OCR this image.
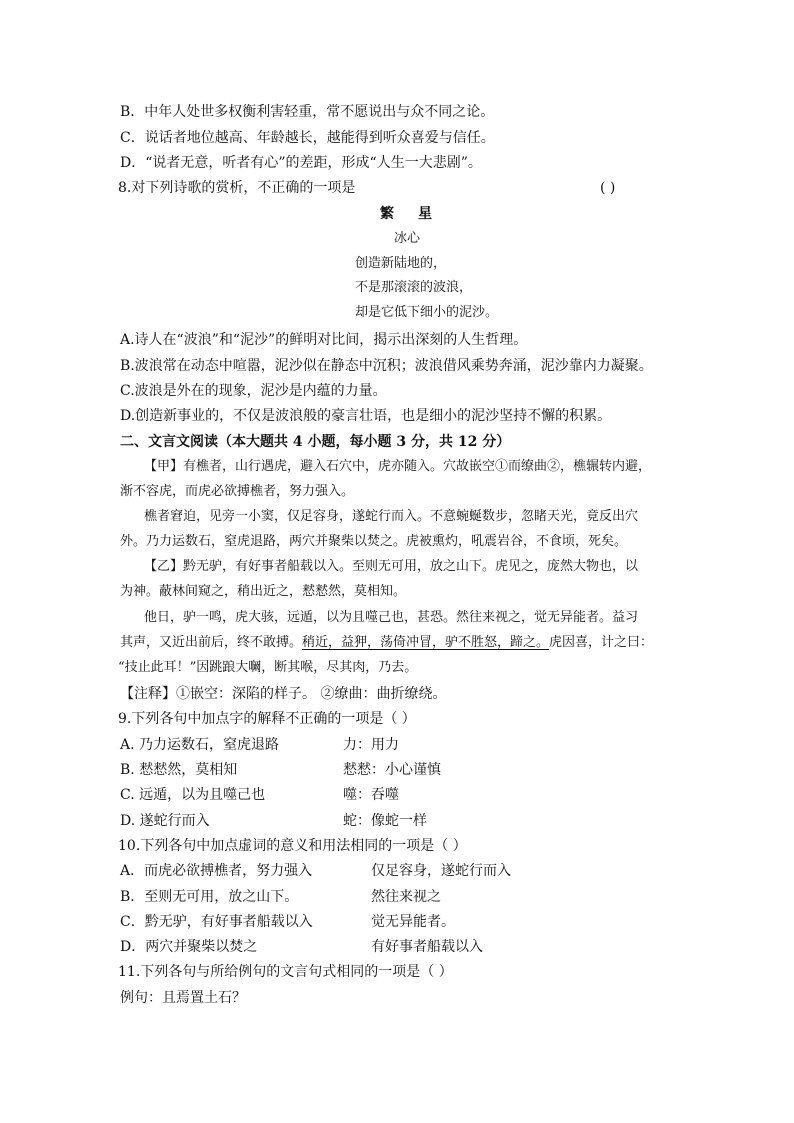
B．中年人处世多权衡利害轻重，常不愿说出与众不同之论。
C．说话者地位越高、年龄越长，越能得到听众喜爱与信任。
D．“说者无意，听者有心”的差距，形成“人生一大悲剧”。
8.对下列诗歌的赏析，不正确的一项是	( )
繁星
冰心
创造新陆地的，
不是那滚滚的波浪，
却是它低下细小的泥沙。
A.诗人在“波浪”和“泥沙”的鲜明对比间，揭示出深刻的人生哲理。
B.波浪常在动态中喧嚣，泥沙似在静态中沉积；波浪借风乘势奔涌，泥沙靠内力凝聚。
C.波浪是外在的现象，泥沙是内蕴的力量。
D.创造新事业的，不仅是波浪般的豪言壮语，也是细小的泥沙坚持不懈的积累。
二、文言文阅读（本大题共 4 小题，每小题 3 分，共 12 分）
【甲】有樵者，山行遇虎，避入石穴中，虎亦随入。穴故嵌空①而缭曲②，樵辗转内避，
渐不容虎，而虎必欲搏樵者，努力强入。
樵者窘迫，见旁一小窦，仅足容身，遂蛇行而入。不意蜿蜒数步，忽睹天光，竟反出穴
外。乃力运数石，窒虎退路，两穴并聚柴以焚之。虎被熏灼，吼震岩谷，不食顷，死矣。
【乙】黔无驴，有好事者船载以入。至则无可用，放之山下。虎见之，庞然大物也，以
为神。蔽林间窥之，稍出近之，慭慭然，莫相知。
他日，驴一鸣，虎大骇，远遁，以为且噬己也，甚恐。然往来视之，觉无异能者。益习
其声，又近出前后，终不敢搏。稍近，益狎，荡倚冲冒，驴不胜怒，蹄之。虎因喜，计之曰：
“技止此耳！”因跳踉大㘎，断其喉，尽其肉，乃去。
【注释】①嵌空：深陷的样子。 ②缭曲：曲折缭绕。
9.下列各句中加点字的解释不正确的一项是（ ）
A. 乃力运数石，窒虎退路	力：用力
B. 慭慭然，莫相知	慭慭：小心谨慎
C. 远遁，以为且噬己也	噬：吞噬
D. 遂蛇行而入	蛇：像蛇一样
10.下列各句中加点虚词的意义和用法相同的一项是（ ）
A．而虎必欲搏樵者，努力强入	仅足容身，遂蛇行而入
B．至则无可用，放之山下。	然往来视之
C．黔无驴，有好事者船载以入	觉无异能者。
D．两穴并聚柴以焚之	有好事者船载以入
11.下列各句与所给例句的文言句式相同的一项是（ ）
例句：且焉置土石？
